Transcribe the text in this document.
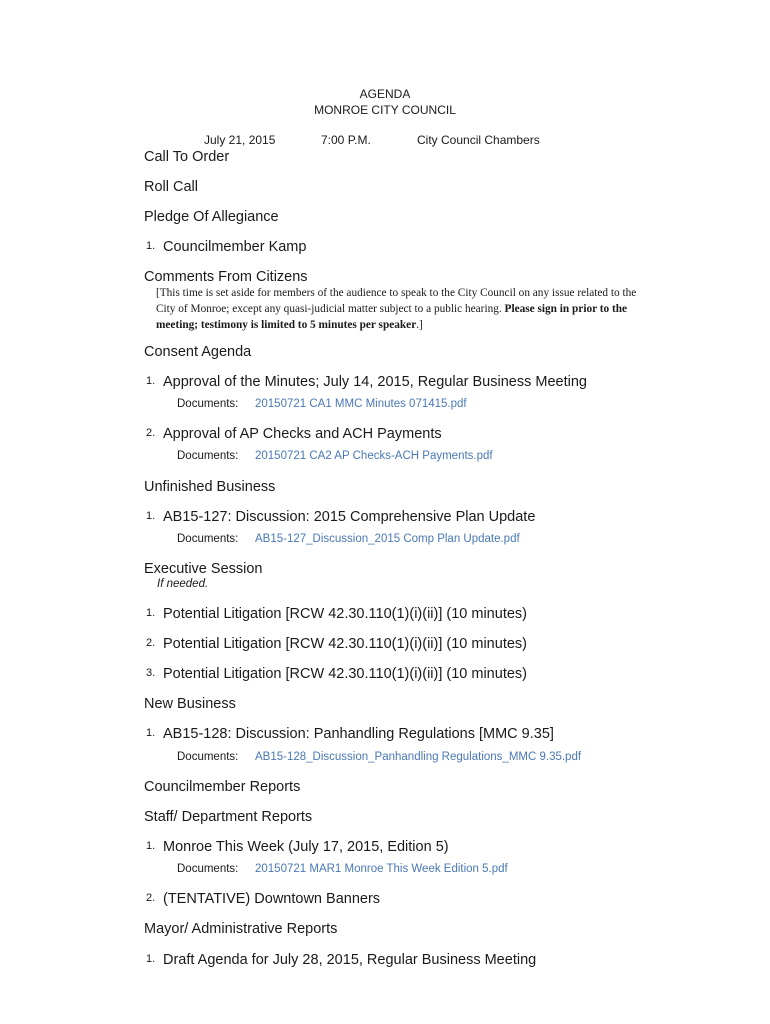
AGENDA
MONROE CITY COUNCIL
July 21, 2015	7:00 P.M.	City Council Chambers
Call To Order
Roll Call
Pledge Of Allegiance
1. Councilmember Kamp
Comments From Citizens
[This time is set aside for members of the audience to speak to the City Council on any issue related to the City of Monroe; except any quasi-judicial matter subject to a public hearing. Please sign in prior to the meeting; testimony is limited to 5 minutes per speaker.]
Consent Agenda
1. Approval of the Minutes; July 14, 2015, Regular Business Meeting
Documents: 20150721 CA1 MMC Minutes 071415.pdf
2. Approval of AP Checks and ACH Payments
Documents: 20150721 CA2 AP Checks-ACH Payments.pdf
Unfinished Business
1. AB15-127: Discussion: 2015 Comprehensive Plan Update
Documents: AB15-127_Discussion_2015 Comp Plan Update.pdf
Executive Session
If needed.
1. Potential Litigation [RCW 42.30.110(1)(i)(ii)] (10 minutes)
2. Potential Litigation [RCW 42.30.110(1)(i)(ii)] (10 minutes)
3. Potential Litigation [RCW 42.30.110(1)(i)(ii)] (10 minutes)
New Business
1. AB15-128: Discussion: Panhandling Regulations [MMC 9.35]
Documents: AB15-128_Discussion_Panhandling Regulations_MMC 9.35.pdf
Councilmember Reports
Staff/ Department Reports
1. Monroe This Week (July 17, 2015, Edition 5)
Documents: 20150721 MAR1 Monroe This Week Edition 5.pdf
2. (TENTATIVE) Downtown Banners
Mayor/ Administrative Reports
1. Draft Agenda for July 28, 2015, Regular Business Meeting
